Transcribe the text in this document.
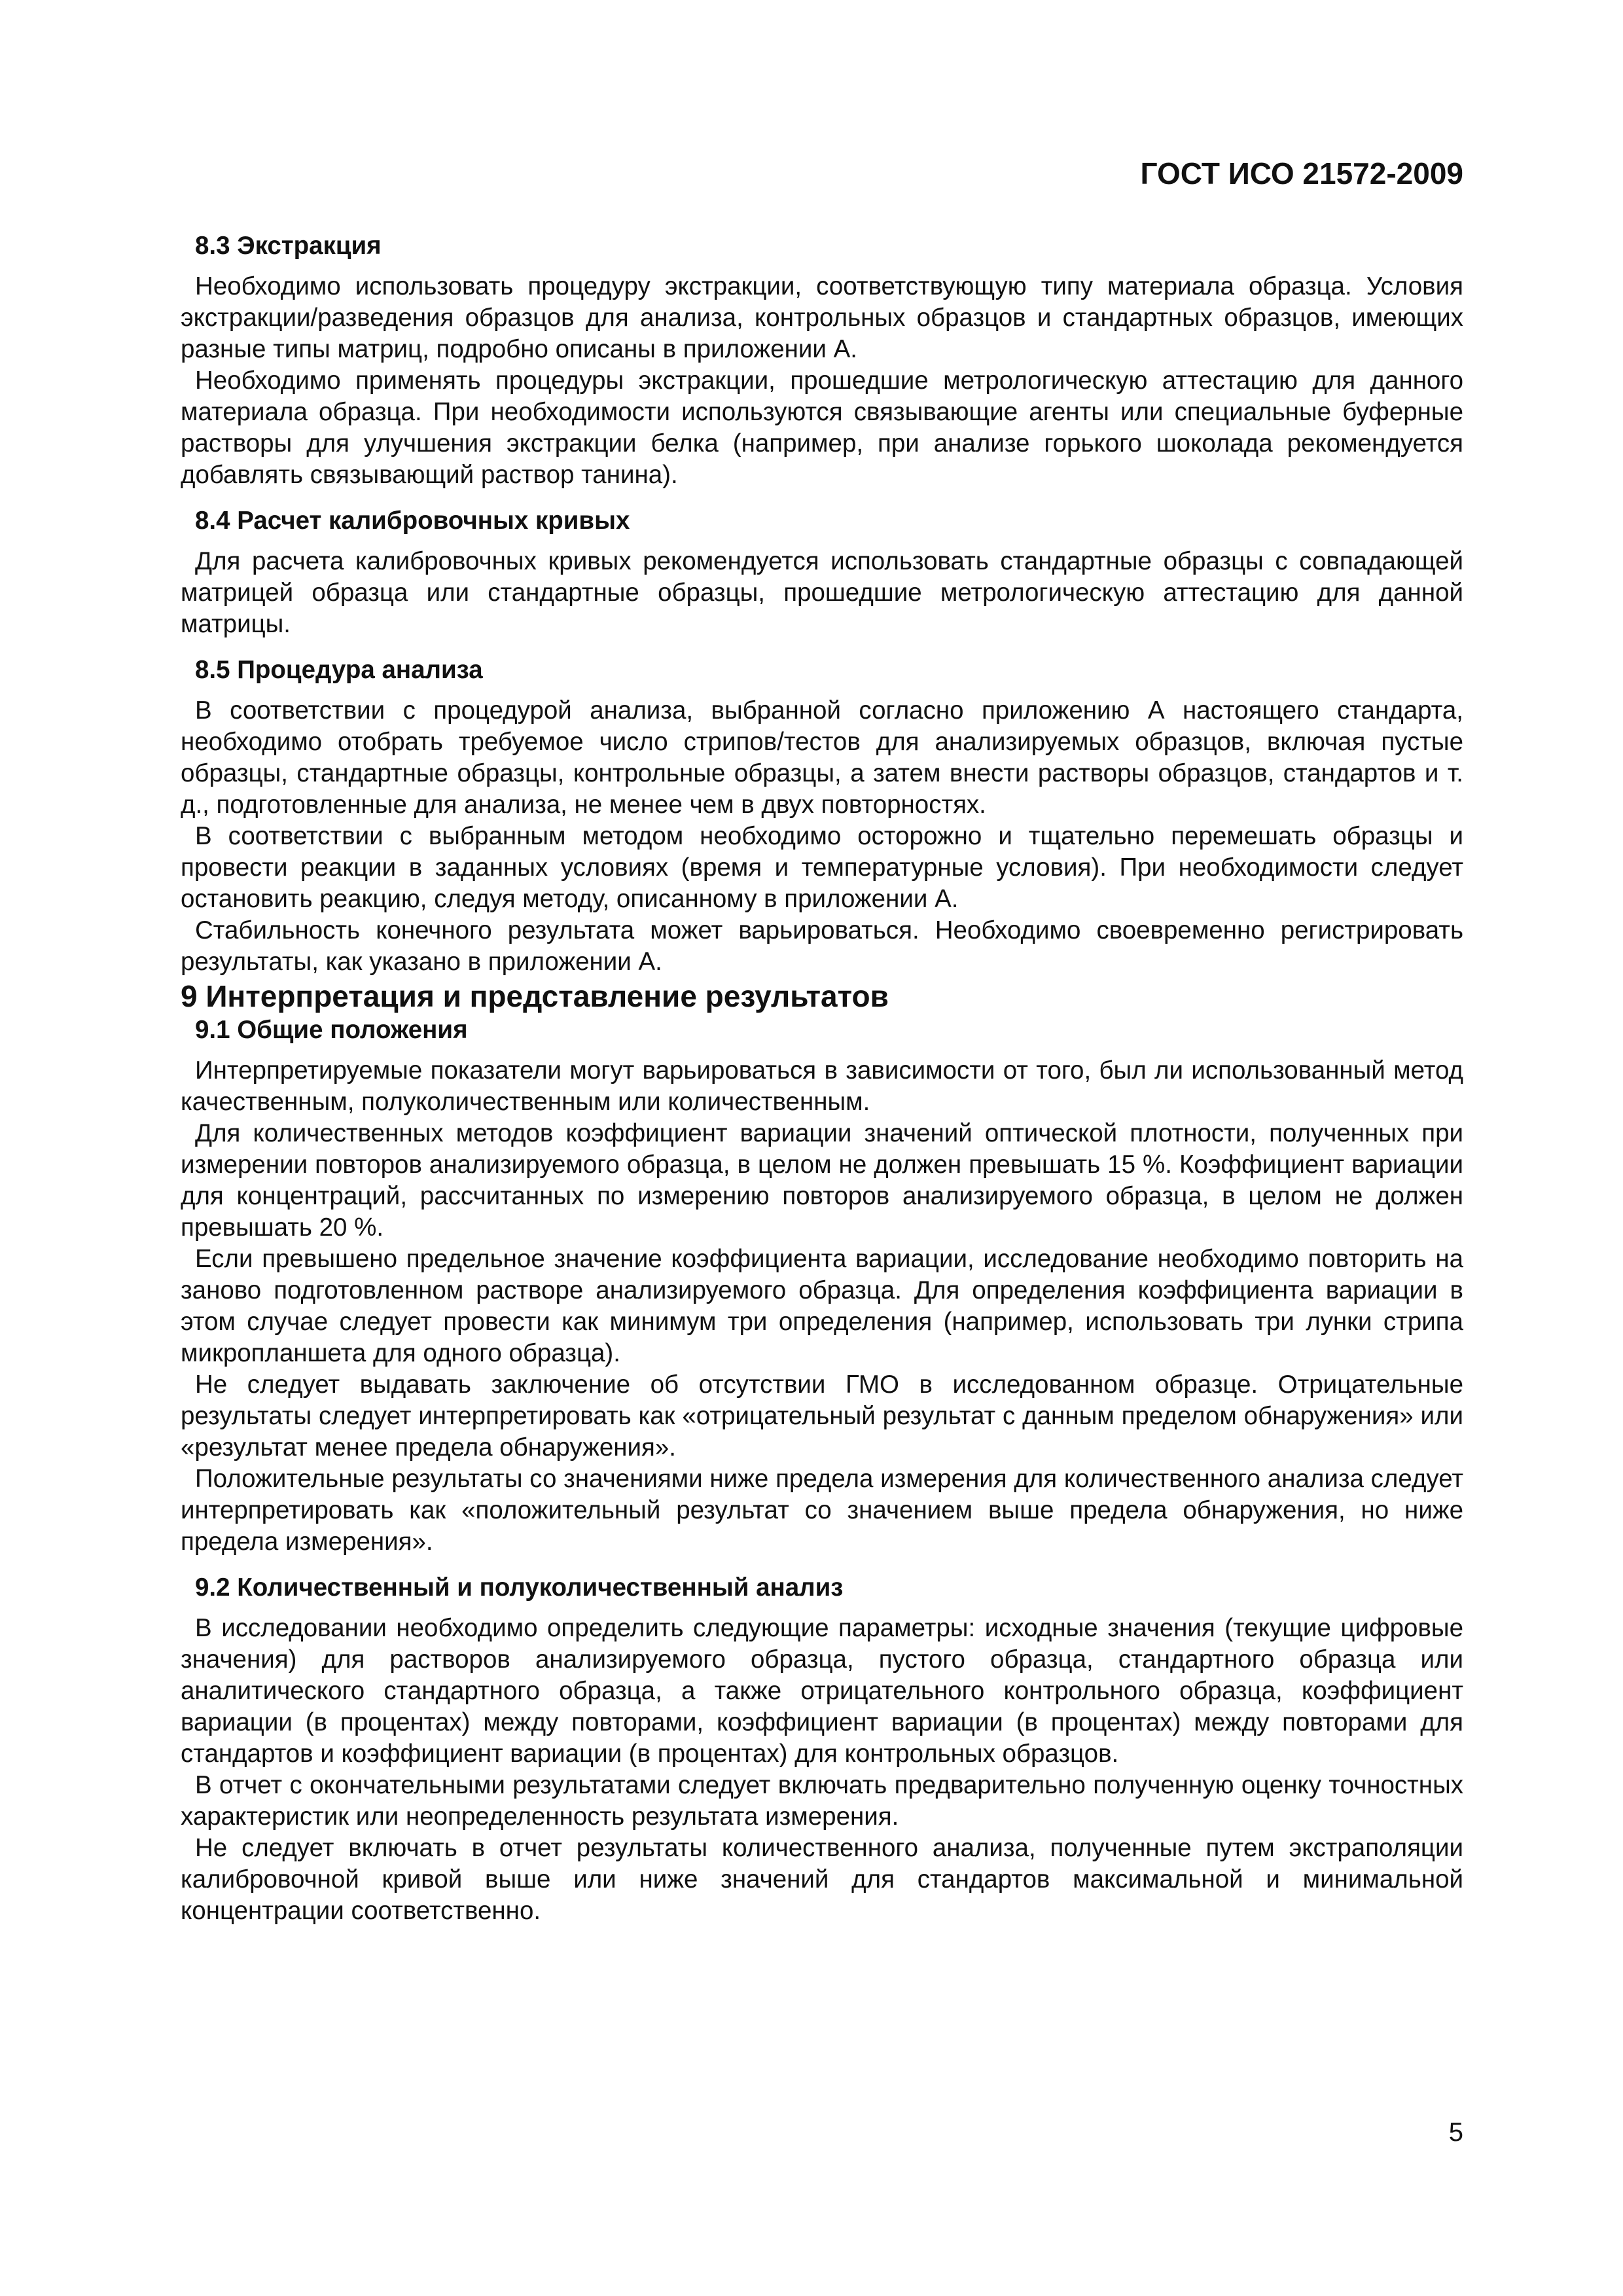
ГОСТ ИСО 21572-2009
8.3 Экстракция

Необходимо использовать процедуру экстракции, соответствующую типу материала образца. Условия экстракции/разведения образцов для анализа, контрольных образцов и стандартных образцов, имеющих разные типы матриц, подробно описаны в приложении А.

Необходимо применять процедуры экстракции, прошедшие метрологическую аттестацию для данного материала образца. При необходимости используются связывающие агенты или специальные буферные растворы для улучшения экстракции белка (например, при анализе горького шоколада рекомендуется добавлять связывающий раствор танина).

8.4 Расчет калибровочных кривых

Для расчета калибровочных кривых рекомендуется использовать стандартные образцы с совпадающей матрицей образца или стандартные образцы, прошедшие метрологическую аттестацию для данной матрицы.

8.5 Процедура анализа

В соответствии с процедурой анализа, выбранной согласно приложению А настоящего стандарта, необходимо отобрать требуемое число стрипов/тестов для анализируемых образцов, включая пустые образцы, стандартные образцы, контрольные образцы, а затем внести растворы образцов, стандартов и т. д., подготовленные для анализа, не менее чем в двух повторностях.

В соответствии с выбранным методом необходимо осторожно и тщательно перемешать образцы и провести реакции в заданных условиях (время и температурные условия). При необходимости следует остановить реакцию, следуя методу, описанному в приложении А.

Стабильность конечного результата может варьироваться. Необходимо своевременно регистрировать результаты, как указано в приложении А.

9 Интерпретация и представление результатов
9.1 Общие положения

Интерпретируемые показатели могут варьироваться в зависимости от того, был ли использованный метод качественным, полуколичественным или количественным.

Для количественных методов коэффициент вариации значений оптической плотности, полученных при измерении повторов анализируемого образца, в целом не должен превышать 15 %. Коэффициент вариации для концентраций, рассчитанных по измерению повторов анализируемого образца, в целом не должен превышать 20 %.

Если превышено предельное значение коэффициента вариации, исследование необходимо повторить на заново подготовленном растворе анализируемого образца. Для определения коэффициента вариации в этом случае следует провести как минимум три определения (например, использовать три лунки стрипа микропланшета для одного образца).

Не следует выдавать заключение об отсутствии ГМО в исследованном образце. Отрицательные результаты следует интерпретировать как «отрицательный результат с данным пределом обнаружения» или «результат менее предела обнаружения».

Положительные результаты со значениями ниже предела измерения для количественного анализа следует интерпретировать как «положительный результат со значением выше предела обнаружения, но ниже предела измерения».

9.2 Количественный и полуколичественный анализ

В исследовании необходимо определить следующие параметры: исходные значения (текущие цифровые значения) для растворов анализируемого образца, пустого образца, стандартного образца или аналитического стандартного образца, а также отрицательного контрольного образца, коэффициент вариации (в процентах) между повторами, коэффициент вариации (в процентах) между повторами для стандартов и коэффициент вариации (в процентах) для контрольных образцов.

В отчет с окончательными результатами следует включать предварительно полученную оценку точностных характеристик или неопределенность результата измерения.

Не следует включать в отчет результаты количественного анализа, полученные путем экстраполяции калибровочной кривой выше или ниже значений для стандартов максимальной и минимальной концентрации соответственно.

5
